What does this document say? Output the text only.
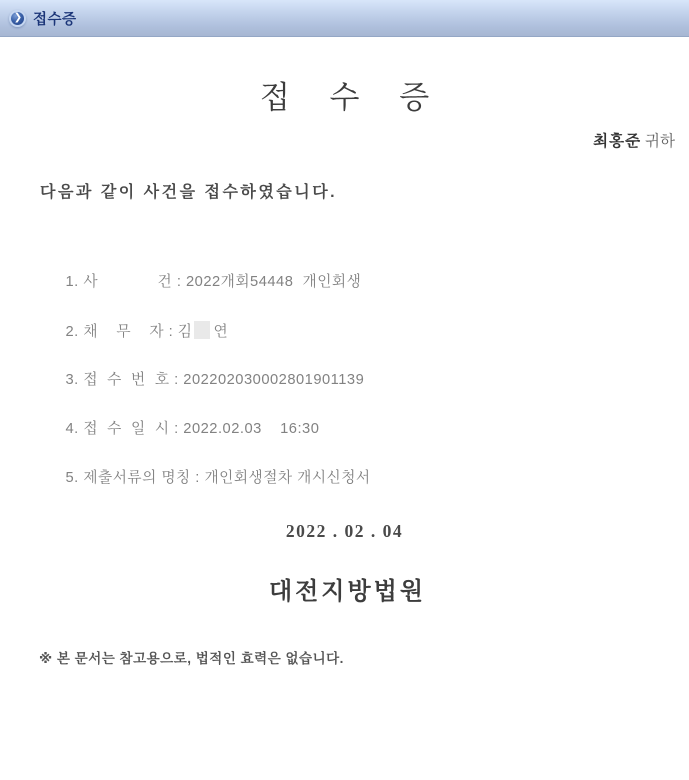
❯ 접수증
접 수 증
최홍준 귀하
다음과 같이 사건을 접수하였습니다.

1. 사             건 : 2022개회54448  개인회생

2. 채    무    자 : 김 연

3. 접  수  번  호 : 202202030002801901139

4. 접  수  일  시 : 2022.02.03    16:30

5. 제출서류의 명칭 : 개인회생절차 개시신청서

2022 . 02 . 04
대전지방법원
※ 본 문서는 참고용으로, 법적인 효력은 없습니다.
